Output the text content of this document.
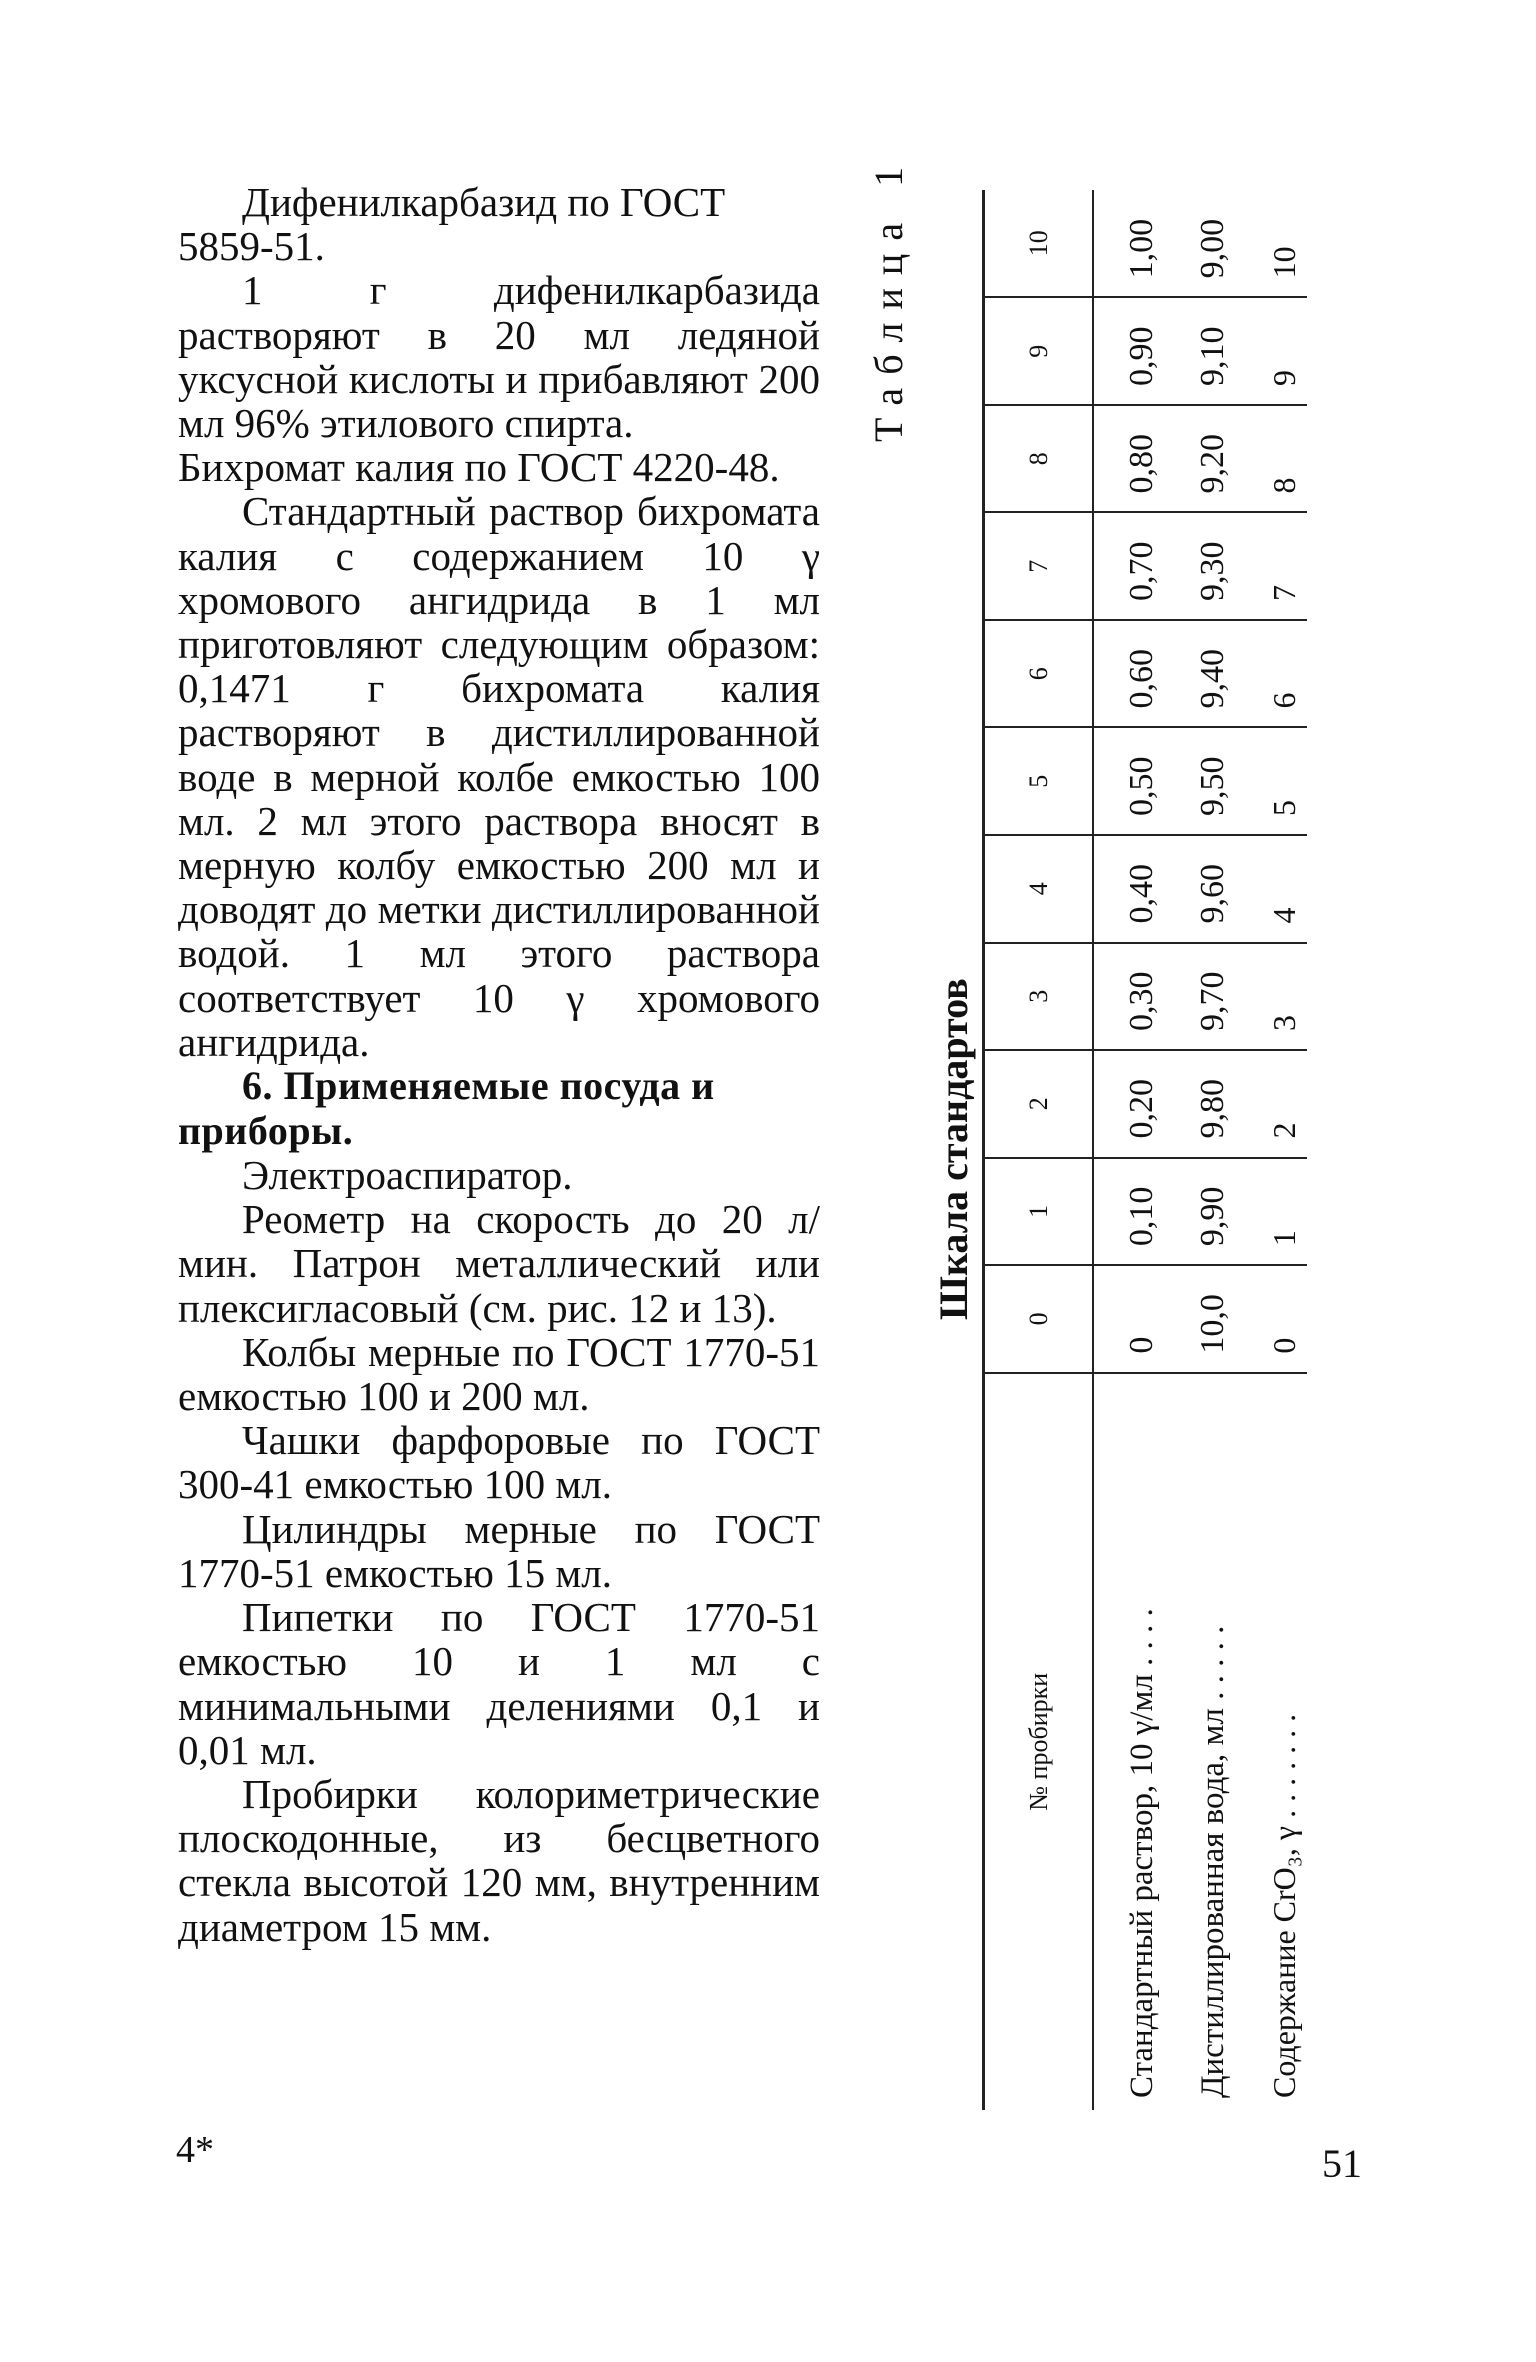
Дифенилкарбазид по ГОСТ
5859-51.

1 г дифенилкарбазида растворяют в 20 мл ледяной уксусной кислоты и прибавляют 200 мл 96% этилового спирта.

Бихромат калия по ГОСТ 4220-48.

Стандартный раствор бихромата калия с содержанием 10 γ хромового ангидрида в 1 мл приготовляют следующим образом: 0,1471 г бихромата калия растворяют в дистиллированной воде в мерной колбе емкостью 100 мл. 2 мл этого раствора вносят в мерную колбу емкостью 200 мл и доводят до метки дистиллированной водой. 1 мл этого раствора соответствует 10 γ хромового ангидрида.

6. Применяемые посуда и приборы.

Электроаспиратор.

Реометр на скорость до 20 л/мин. Патрон металлический или плексигласовый (см. рис. 12 и 13).

Колбы мерные по ГОСТ 1770-51 емкостью 100 и 200 мл.

Чашки фарфоровые по ГОСТ 300-41 емкостью 100 мл.

Цилиндры мерные по ГОСТ 1770-51 емкостью 15 мл.

Пипетки по ГОСТ 1770-51 емкостью 10 и 1 мл с минимальными делениями 0,1 и 0,01 мл.

Пробирки колориметрические плоскодонные, из бесцветного стекла высотой 120 мм, внутренним диаметром 15 мм.

4*	51
Таблица 1
Шкала стандартов
№ пробирки	0	1	2	3	4	5	6	7	8	9	10
Стандартный раствор, 10 γ/мл . . . .	0	0,10	0,20	0,30	0,40	0,50	0,60	0,70	0,80	0,90	1,00
Дистиллированная вода, мл . . . . .	10,0	9,90	9,80	9,70	9,60	9,50	9,40	9,30	9,20	9,10	9,00
Содержание CrO₃, γ . . . . . . .	0	1	2	3	4	5	6	7	8	9	10
